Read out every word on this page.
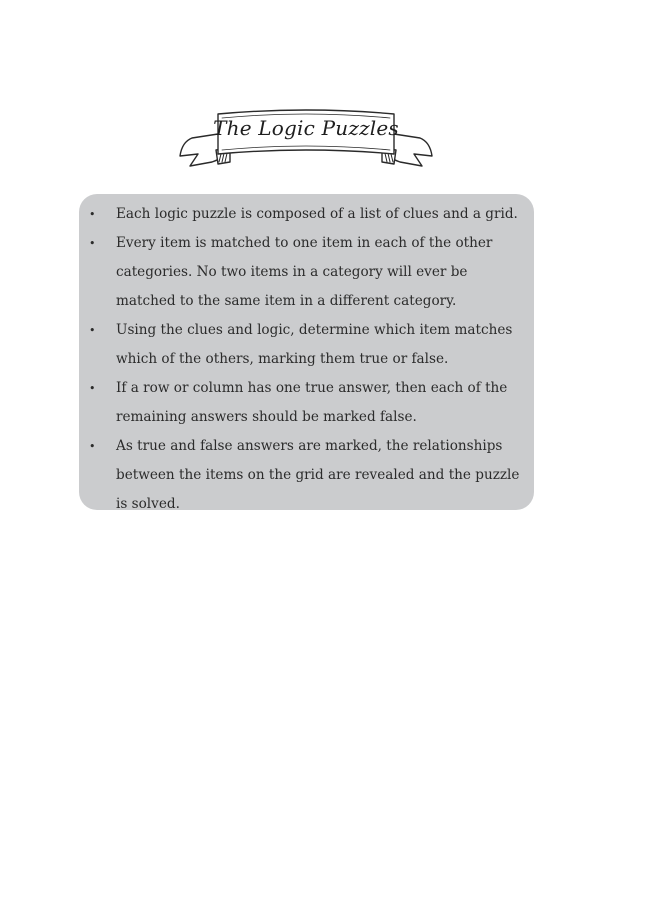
The Logic Puzzles
• Each logic puzzle is composed of a list of clues and a grid.
• Every item is matched to one item in each of the other categories. No two items in a category will ever be matched to the same item in a different category.
• Using the clues and logic, determine which item matches which of the others, marking them true or false.
• If a row or column has one true answer, then each of the remaining answers should be marked false.
• As true and false answers are marked, the relationships between the items on the grid are revealed and the puzzle is solved.
